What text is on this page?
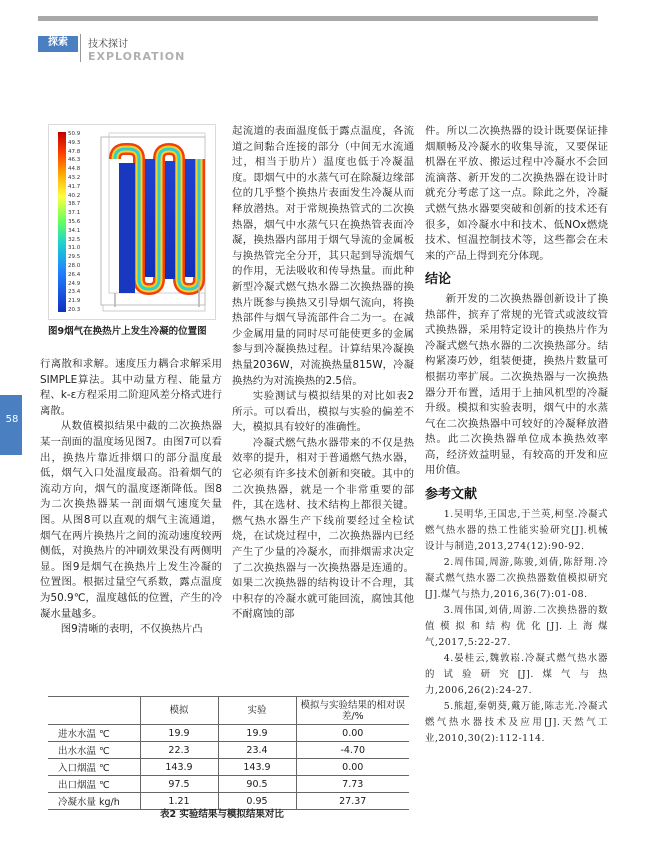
探索	技术探讨
EXPLORATION
58
50.9
49.3
47.8
46.3
44.8
43.2
41.7
40.2
38.7
37.1
35.6
34.1
32.5
31.0
29.5
28.0
26.4
24.9
23.4
21.9
20.3
图9烟气在换热片上发生冷凝的位置图

行离散和求解。速度压力耦合求解采用SIMPLE算法。其中动量方程、能量方程、k-ε方程采用二阶迎风差分格式进行离散。

从数值模拟结果中截的二次换热器某一剖面的温度场见图7。由图7可以看出，换热片靠近排烟口的部分温度最低，烟气入口处温度最高。沿着烟气的流动方向，烟气的温度逐渐降低。图8为二次换热器某一剖面烟气速度矢量图。从图8可以直观的烟气主流通道，烟气在两片换热片之间的流动速度较两侧低，对换热片的冲刷效果没有两侧明显。图9是烟气在换热片上发生冷凝的位置图。根据过量空气系数，露点温度为50.9℃，温度越低的位置，产生的冷凝水量越多。

图9清晰的表明，不仅换热片凸

起流道的表面温度低于露点温度，各流道之间黏合连接的部分（中间无水流通过，相当于肋片）温度也低于冷凝温度。即烟气中的水蒸气可在除凝边缘部位的几乎整个换热片表面发生冷凝从而释放潜热。对于常规换热管式的二次换热器，烟气中水蒸气只在换热管表面冷凝，换热器内部用于烟气导流的金属板与换热管完全分开，其只起到导流烟气的作用，无法吸收和传导热量。而此种新型冷凝式燃气热水器二次换热器的换热片既参与换热又引导烟气流向，将换热部件与烟气导流部件合二为一。在减少金属用量的同时尽可能使更多的金属参与到冷凝换热过程。计算结果冷凝换热量2036W，对流换热量815W，冷凝换热约为对流换热的2.5倍。

实验测试与模拟结果的对比如表2所示。可以看出，模拟与实验的偏差不大，模拟具有较好的准确性。

冷凝式燃气热水器带来的不仅是热效率的提升，相对于普通燃气热水器，它必须有许多技术创新和突破。其中的二次换热器，就是一个非常重要的部件，其在选材、技术结构上都很关键。燃气热水器生产下线前要经过全检试烧，在试烧过程中，二次换热器内已经产生了少量的冷凝水，而排烟需求决定了二次换热器与一次换热器是连通的。如果二次换热器的结构设计不合理，其中积存的冷凝水就可能回流，腐蚀其他不耐腐蚀的部

件。所以二次换热器的设计既要保证排烟顺畅及冷凝水的收集导流，又要保证机器在平放、搬运过程中冷凝水不会回流滴落、新开发的二次换热器在设计时就充分考虑了这一点。除此之外，冷凝式燃气热水器要突破和创新的技术还有很多，如冷凝水中和技术、低NOx燃烧技术、恒温控制技术等，这些都会在未来的产品上得到充分体现。

结论

新开发的二次换热器创新设计了换热部件，摈弃了常规的光管式或波纹管式换热器，采用特定设计的换热片作为冷凝式燃气热水器的二次换热部分。结构紧凑巧妙，组装便捷，换热片数量可根据功率扩展。二次换热器与一次换热器分开布置，适用于上抽风机型的冷凝升级。模拟和实验表明，烟气中的水蒸气在二次换热器中可较好的冷凝释放潜热。此二次换热器单位成本换热效率高，经济效益明显，有较高的开发和应用价值。

参考文献

1.吴明华,王国忠,于兰英,柯坚.冷凝式燃气热水器的热工性能实验研究[J].机械设计与制造,2013,274(12):90-92.

2.周伟国,周游,陈骏,刘倩,陈舒翔.冷凝式燃气热水器二次换热器数值模拟研究[J].煤气与热力,2016,36(7):01-08.

3.周伟国,刘倩,周游.二次换热器的数值模拟和结构优化[J].上海煤气,2017,5:22-27.

4.晏桂云,魏敦崧.冷凝式燃气热水器的试验研究[J].煤气与热力,2006,26(2):24-27.

5.熊超,秦朝葵,戴万能,陈志光.冷凝式燃气热水器技术及应用[J].天然气工业,2010,30(2):112-114.

	模拟	实验	模拟与实验结果的相对误差/%
进水水温 ℃	19.9	19.9	0.00
出水水温 ℃	22.3	23.4	-4.70
入口烟温 ℃	143.9	143.9	0.00
出口烟温 ℃	97.5	90.5	7.73
冷凝水量 kg/h	1.21	0.95	27.37
表2 实验结果与模拟结果对比
